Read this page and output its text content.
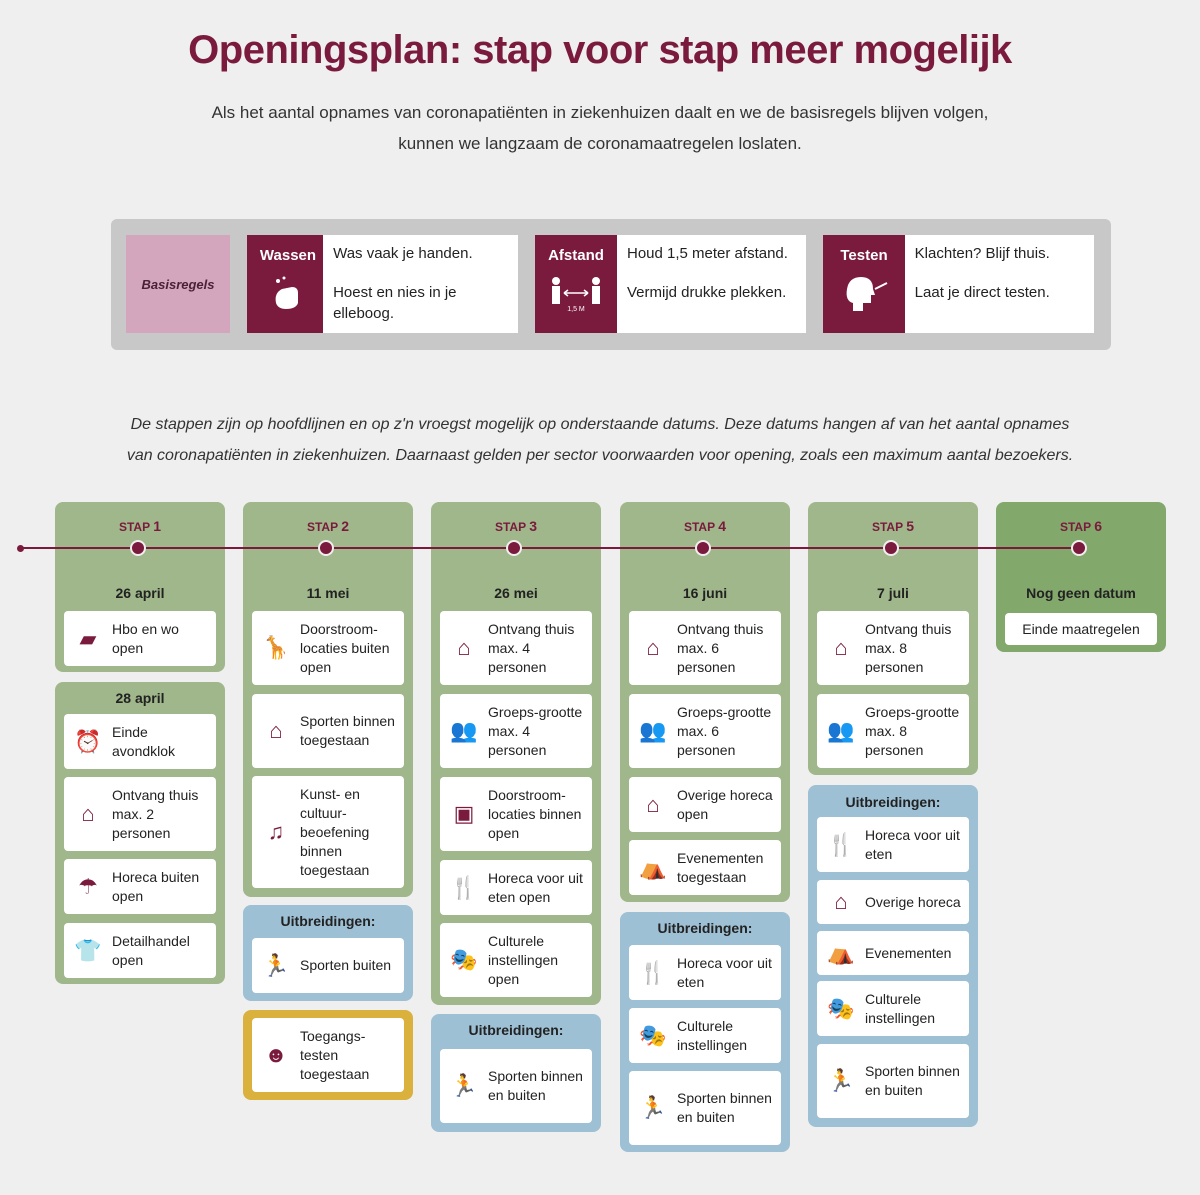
Openingsplan: stap voor stap meer mogelijk
Als het aantal opnames van coronapatiënten in ziekenhuizen daalt en we de basisregels blijven volgen,
kunnen we langzaam de coronamaatregelen loslaten.
Basisregels
Wassen	Was vaak je handen.

Hoest en nies in je elleboog.

Afstand
1,5 M

Houd 1,5 meter afstand.

Vermijd drukke plekken.

Testen	Klachten? Blijf thuis.

Laat je direct testen.

De stappen zijn op hoofdlijnen en op z'n vroegst mogelijk op onderstaande datums. Deze datums hangen af van het aantal opnames
van coronapatiënten in ziekenhuizen. Daarnaast gelden per sector voorwaarden voor opening, zoals een maximum aantal bezoekers.
STAP 1	STAP 2	STAP 3	STAP 4	STAP 5	STAP 6
26 april
28 april
11 mei	26 mei	16 juni	7 juli	Nog geen datum
Uitbreidingen:
Uitbreidingen:
Uitbreidingen:
Uitbreidingen:
▰	Hbo en wo open
⏰ Einde avondklok
⌂
Ontvang thuis max. 2 personen
☂	Horeca buiten open
👕 Detailhandel open
🦒
Doorstroom-locaties buiten open
⌂	Sporten binnen toegestaan
♫
Kunst- en cultuur-beoefening binnen toegestaan
🏃 Sporten buiten
☻
Toegangs-testen toegestaan
⌂
Ontvang thuis max. 4 personen
👥
Groeps-grootte max. 4 personen
▣
Doorstroom-locaties binnen open
🍴 Horeca voor uit eten open
🎭
Culturele instellingen open
🏃 Sporten binnen en buiten
⌂
Ontvang thuis max. 6 personen
👥
Groeps-grootte max. 6 personen
⌂	Overige horeca open
⛺ Evenementen toegestaan
🍴 Horeca voor uit eten
🎭 Culturele instellingen
🏃 Sporten binnen en buiten
⌂
Ontvang thuis max. 8 personen
👥
Groeps-grootte max. 8 personen
🍴 Horeca voor uit eten
⌂	Overige horeca
⛺ Evenementen
🎭 Culturele instellingen
🏃 Sporten binnen en buiten
Einde maatregelen
